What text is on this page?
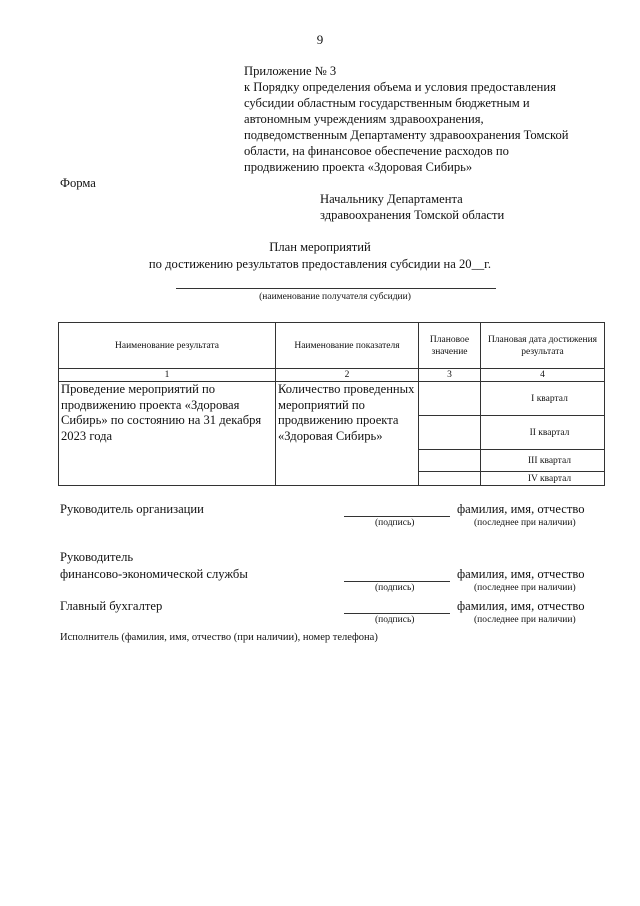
9
Приложение № 3
к Порядку определения объема и условия предоставления
субсидии областным государственным бюджетным и
автономным учреждениям здравоохранения,
подведомственным Департаменту здравоохранения Томской
области, на финансовое обеспечение расходов по
продвижению проекта «Здоровая Сибирь»
Форма
Начальнику Департамента
здравоохранения Томской области
План мероприятий
по достижению результатов предоставления субсидии на 20__г.
(наименование получателя субсидии)
Наименование результата	Наименование показателя	Плановое значение	Плановая дата достижения результата
1	2	3	4

Проведение мероприятий по продвижению проекта «Здоровая Сибирь» по состоянию на 31 декабря 2023 года	Количество проведенных мероприятий по продвижению проекта «Здоровая Сибирь»		I квартал
			II квартал
			III квартал
			IV квартал
Руководитель организации	фамилия, имя, отчество
(подпись)	(последнее при наличии)
Руководитель
финансово-экономической службы	фамилия, имя, отчество
(подпись)	(последнее при наличии)
Главный бухгалтер	фамилия, имя, отчество
(подпись)	(последнее при наличии)
Исполнитель (фамилия, имя, отчество (при наличии), номер телефона)
